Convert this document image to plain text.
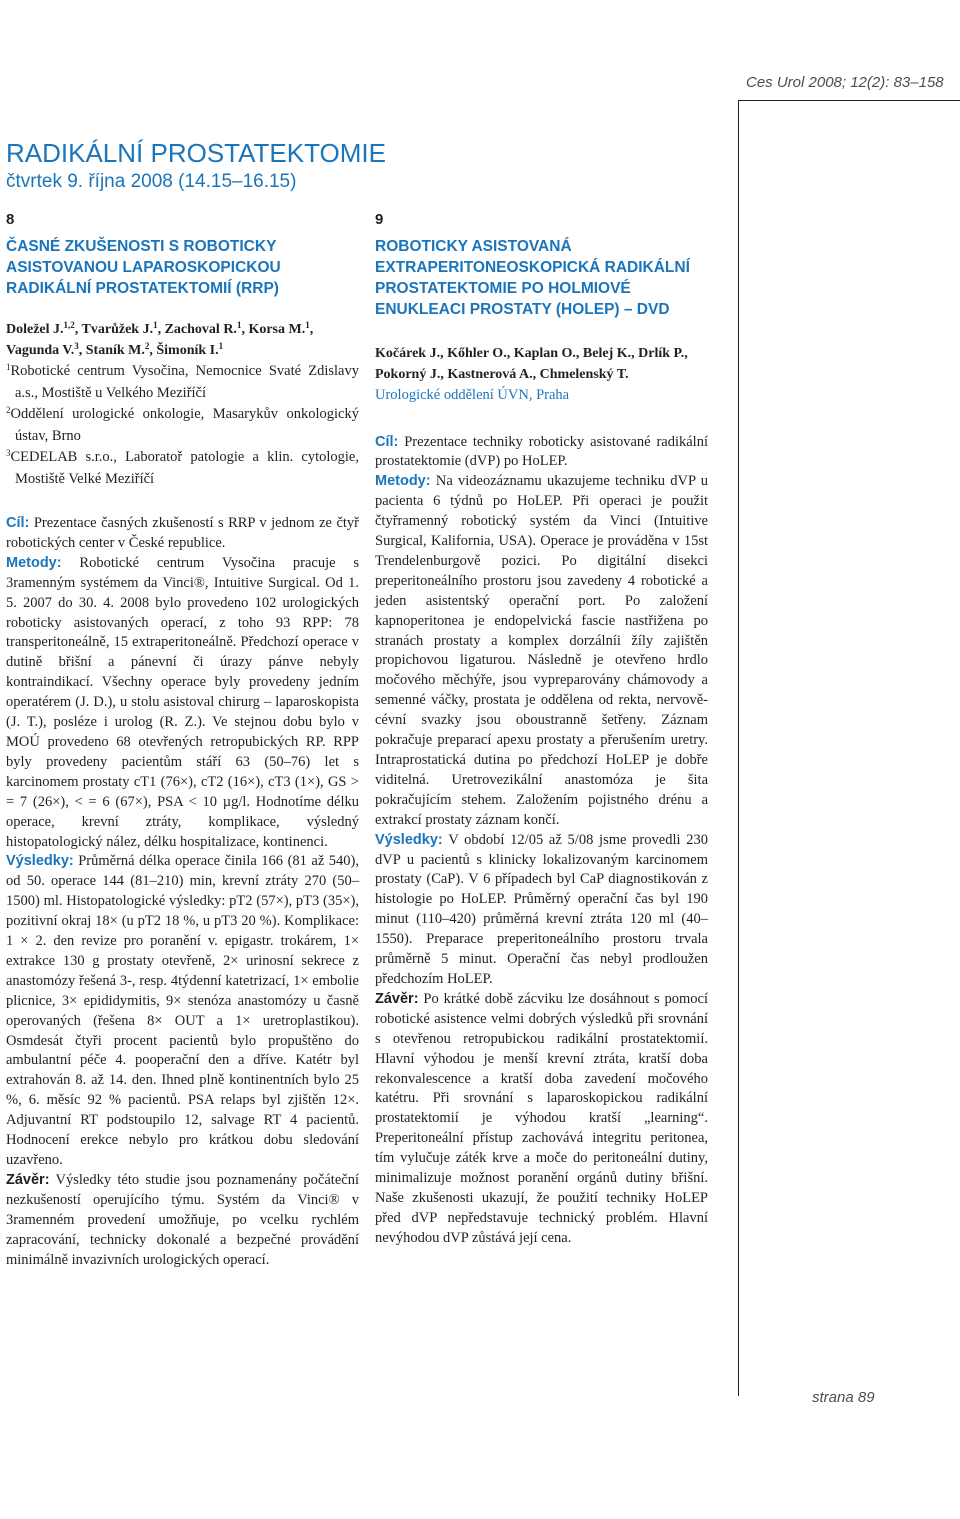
Ces Urol 2008; 12(2): 83–158
RADIKÁLNÍ PROSTATEKTOMIE
čtvrtek 9. října 2008 (14.15–16.15)
8
ČASNÉ ZKUŠENOSTI S ROBOTICKY ASISTOVANOU LAPAROSKOPICKOU RADIKÁLNÍ PROSTATEKTOMIÍ (RRP)
Doležel J.$^{1,2}$, Tvarůžek J.$^1$, Zachoval R.$^1$, Korsa M.$^1$, Vagunda V.$^3$, Staník M.$^2$, Šimoník I.$^1$
$^1$Robotické centrum Vysočina, Nemocnice Svaté Zdislavy a.s., Mostiště u Velkého Meziříčí
$^2$Oddělení urologické onkologie, Masarykův onkologický ústav, Brno
$^3$CEDELAB s.r.o., Laboratoř patologie a klin. cytologie, Mostiště Velké Meziříčí
Cíl: Prezentace časných zkušeností s RRP v jednom ze čtyř robotických center v České republice.
Metody: Robotické centrum Vysočina pracuje s 3ramenným systémem da Vinci®, Intuitive Surgical. Od 1. 5. 2007 do 30. 4. 2008 bylo provedeno 102 urologických roboticky asistovaných operací, z toho 93 RPP: 78 transperitoneálně, 15 extraperitoneálně. Předchozí operace v dutině břišní a pánevní či úrazy pánve nebyly kontraindikací. Všechny operace byly provedeny jedním operatérem (J. D.), u stolu asistoval chirurg – laparoskopista (J. T.), posléze i urolog (R. Z.). Ve stejnou dobu bylo v MOÚ provedeno 68 otevřených retropubických RP. RPP byly provedeny pacientům stáří 63 (50–76) let s karcinomem prostaty cT1 (76×), cT2 (16×), cT3 (1×), GS > = 7 (26×), < = 6 (67×), PSA < 10 µg/l. Hodnotíme délku operace, krevní ztráty, komplikace, výsledný histopatologický nález, délku hospitalizace, kontinenci.
Výsledky: Průměrná délka operace činila 166 (81 až 540), od 50. operace 144 (81–210) min, krevní ztráty 270 (50–1500) ml. Histopatologické výsledky: pT2 (57×), pT3 (35×), pozitivní okraj 18× (u pT2 18 %, u pT3 20 %). Komplikace: 1 × 2. den revize pro poranění v. epigastr. trokárem, 1× extrakce 130 g prostaty otevřeně, 2× urinosní sekrece z anastomózy řešená 3-, resp. 4týdenní katetrizací, 1× embolie plicnice, 3× epididymitis, 9× stenóza anastomózy u časně operovaných (řešena 8× OUT a 1× uretroplastikou). Osmdesát čtyři procent pacientů bylo propuštěno do ambulantní péče 4. pooperační den a dříve. Katétr byl extrahován 8. až 14. den. Ihned plně kontinentních bylo 25 %, 6. měsíc 92 % pacientů. PSA relaps byl zjištěn 12×. Adjuvantní RT podstoupilo 12, salvage RT 4 pacientů. Hodnocení erekce nebylo pro krátkou dobu sledování uzavřeno.
Závěr: Výsledky této studie jsou poznamenány počáteční nezkušeností operujícího týmu. Systém da Vinci® v 3ramenném provedení umožňuje, po vcelku rychlém zapracování, technicky dokonalé a bezpečné provádění minimálně invazivních urologických operací.
9
ROBOTICKY ASISTOVANÁ EXTRAPERITONEOSKOPICKÁ RADIKÁLNÍ PROSTATEKTOMIE PO HOLMIOVÉ ENUKLEACI PROSTATY (HOLEP) – DVD
Kočárek J., Kőhler O., Kaplan O., Belej K., Drlík P., Pokorný J., Kastnerová A., Chmelenský T.
Urologické oddělení ÚVN, Praha
Cíl: Prezentace techniky roboticky asistované radikální prostatektomie (dVP) po HoLEP.
Metody: Na videozáznamu ukazujeme techniku dVP u pacienta 6 týdnů po HoLEP. Při operaci je použit čtyřramenný robotický systém da Vinci (Intuitive Surgical, Kalifornia, USA). Operace je prováděna v 15st Trendelenburgově pozici. Po digitální disekci preperitoneálního prostoru jsou zavedeny 4 robotické a jeden asistentský operační port. Po založení kapnoperitonea je endopelvická fascie nastřižena po stranách prostaty a komplex dorzálníi žíly zajištěn propichovou ligaturou. Následně je otevřeno hrdlo močového měchýře, jsou vypreparovány chámovody a semenné váčky, prostata je oddělena od rekta, nervově-cévní svazky jsou oboustranně šetřeny. Záznam pokračuje preparací apexu prostaty a přerušením uretry. Intraprostatická dutina po předchozí HoLEP je dobře viditelná. Uretrovezikální anastomóza je šita pokračujícím stehem. Založením pojistného drénu a extrakcí prostaty záznam končí.
Výsledky: V období 12/05 až 5/08 jsme provedli 230 dVP u pacientů s klinicky lokalizovaným karcinomem prostaty (CaP). V 6 případech byl CaP diagnostikován z histologie po HoLEP. Průměrný operační čas byl 190 minut (110–420) průměrná krevní ztráta 120 ml (40–1550). Preparace preperitoneálního prostoru trvala průměrně 5 minut. Operační čas nebyl prodloužen předchozím HoLEP.
Závěr: Po krátké době zácviku lze dosáhnout s pomocí robotické asistence velmi dobrých výsledků při srovnání s otevřenou retropubickou radikální prostatektomií. Hlavní výhodou je menší krevní ztráta, kratší doba rekonvalescence a kratší doba zavedení močového katétru. Při srovnání s laparoskopickou radikální prostatektomií je výhodou kratší „learning“. Preperitoneální přístup zachovává integritu peritonea, tím vylučuje záték krve a moče do peritoneální dutiny, minimalizuje možnost poranění orgánů dutiny břišní. Naše zkušenosti ukazují, že použití techniky HoLEP před dVP nepředstavuje technický problém. Hlavní nevýhodou dVP zůstává její cena.
strana 89
